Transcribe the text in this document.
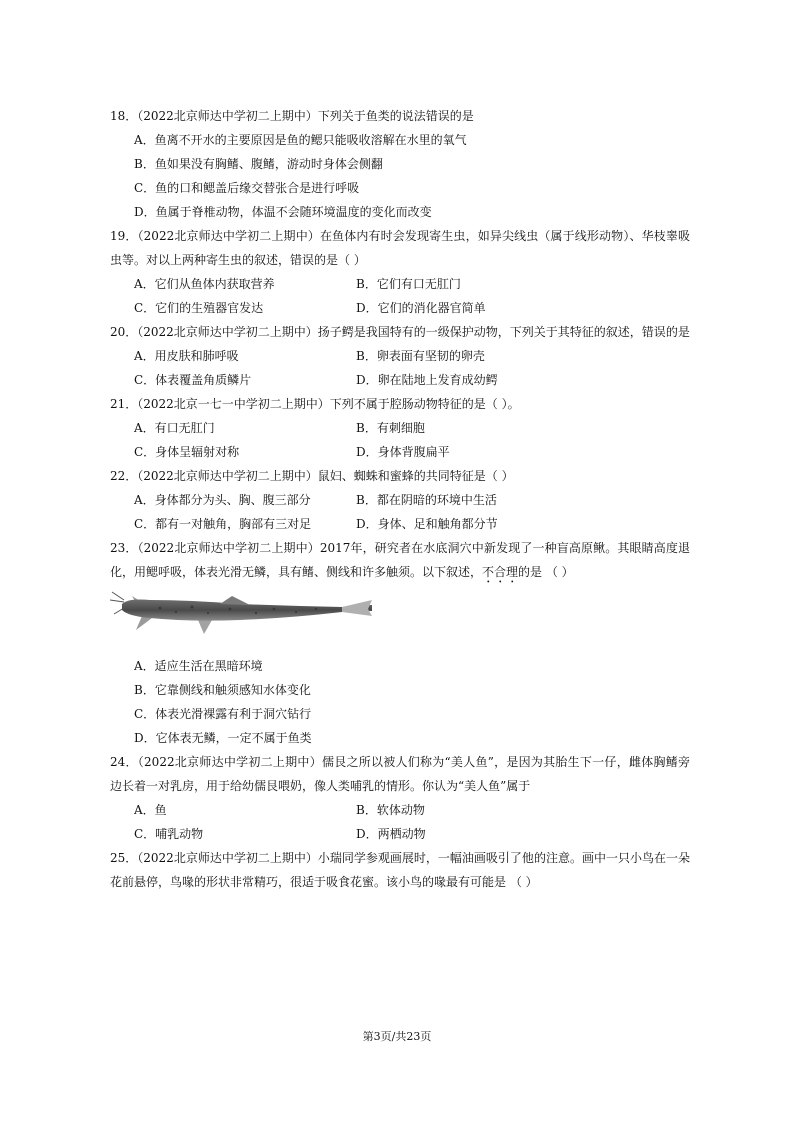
18．（2022北京师达中学初二上期中）下列关于鱼类的说法错误的是

A．鱼离不开水的主要原因是鱼的鳃只能吸收溶解在水里的氧气

B．鱼如果没有胸鳍、腹鳍，游动时身体会侧翻

C．鱼的口和鳃盖后缘交替张合是进行呼吸

D．鱼属于脊椎动物，体温不会随环境温度的变化而改变

19．（2022北京师达中学初二上期中）在鱼体内有时会发现寄生虫，如异尖线虫（属于线形动物）、华枝睾吸虫等。对以上两种寄生虫的叙述，错误的是（ ）

A．它们从鱼体内获取营养	B．它们有口无肛门

C．它们的生殖器官发达	D．它们的消化器官简单

20．（2022北京师达中学初二上期中）扬子鳄是我国特有的一级保护动物，下列关于其特征的叙述，错误的是

A．用皮肤和肺呼吸	B．卵表面有坚韧的卵壳

C．体表覆盖角质鳞片	D．卵在陆地上发育成幼鳄

21．（2022北京一七一中学初二上期中）下列不属于腔肠动物特征的是（ ）。

A．有口无肛门	B．有刺细胞

C．身体呈辐射对称	D．身体背腹扁平

22．（2022北京师达中学初二上期中）鼠妇、蜘蛛和蜜蜂的共同特征是（ ）

A．身体都分为头、胸、腹三部分	B．都在阴暗的环境中生活

C．都有一对触角，胸部有三对足	D．身体、足和触角都分节

23．（2022北京师达中学初二上期中）2017年，研究者在水底洞穴中新发现了一种盲高原鳅。其眼睛高度退化，用鳃呼吸，体表光滑无鳞，具有鳍、侧线和许多触须。以下叙述，不合理的是 （ ）

A．适应生活在黑暗环境

B．它靠侧线和触须感知水体变化

C．体表光滑裸露有利于洞穴钻行

D．它体表无鳞，一定不属于鱼类

24．（2022北京师达中学初二上期中）儒艮之所以被人们称为“美人鱼”，是因为其胎生下一仔，雌体胸鳍旁边长着一对乳房，用于给幼儒艮喂奶，像人类哺乳的情形。你认为“美人鱼”属于

A．鱼	B．软体动物

C．哺乳动物	D．两栖动物

25．（2022北京师达中学初二上期中）小瑞同学参观画展时，一幅油画吸引了他的注意。画中一只小鸟在一朵花前悬停，鸟喙的形状非常精巧，很适于吸食花蜜。该小鸟的喙最有可能是 （ ）

第3页/共23页
